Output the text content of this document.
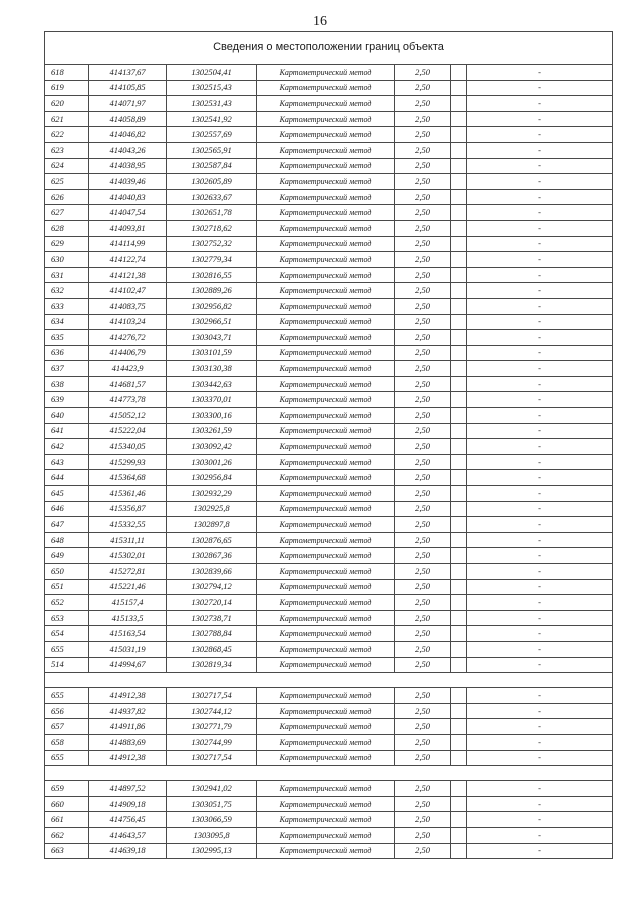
16
Сведения о местоположении границ объекта						
618	414137,67	1302504,41	Картометрический метод	2,50		-
619	414105,85	1302515,43	Картометрический метод	2,50		-
620	414071,97	1302531,43	Картометрический метод	2,50		-
621	414058,89	1302541,92	Картометрический метод	2,50		-
622	414046,82	1302557,69	Картометрический метод	2,50		-
623	414043,26	1302565,91	Картометрический метод	2,50		-
624	414038,95	1302587,84	Картометрический метод	2,50		-
625	414039,46	1302605,89	Картометрический метод	2,50		-
626	414040,83	1302633,67	Картометрический метод	2,50		-
627	414047,54	1302651,78	Картометрический метод	2,50		-
628	414093,81	1302718,62	Картометрический метод	2,50		-
629	414114,99	1302752,32	Картометрический метод	2,50		-
630	414122,74	1302779,34	Картометрический метод	2,50		-
631	414121,38	1302816,55	Картометрический метод	2,50		-
632	414102,47	1302889,26	Картометрический метод	2,50		-
633	414083,75	1302956,82	Картометрический метод	2,50		-
634	414103,24	1302966,51	Картометрический метод	2,50		-
635	414276,72	1303043,71	Картометрический метод	2,50		-
636	414406,79	1303101,59	Картометрический метод	2,50		-
637	414423,9	1303130,38	Картометрический метод	2,50		-
638	414681,57	1303442,63	Картометрический метод	2,50		-
639	414773,78	1303370,01	Картометрический метод	2,50		-
640	415052,12	1303300,16	Картометрический метод	2,50		-
641	415222,04	1303261,59	Картометрический метод	2,50		-
642	415340,05	1303092,42	Картометрический метод	2,50		-
643	415299,93	1303001,26	Картометрический метод	2,50		-
644	415364,68	1302956,84	Картометрический метод	2,50		-
645	415361,46	1302932,29	Картометрический метод	2,50		-
646	415356,87	1302925,8	Картометрический метод	2,50		-
647	415332,55	1302897,8	Картометрический метод	2,50		-
648	415311,11	1302876,65	Картометрический метод	2,50		-
649	415302,01	1302867,36	Картометрический метод	2,50		-
650	415272,81	1302839,66	Картометрический метод	2,50		-
651	415221,46	1302794,12	Картометрический метод	2,50		-
652	415157,4	1302720,14	Картометрический метод	2,50		-
653	415133,5	1302738,71	Картометрический метод	2,50		-
654	415163,54	1302788,84	Картометрический метод	2,50		-
655	415031,19	1302868,45	Картометрический метод	2,50		-
514	414994,67	1302819,34	Картометрический метод	2,50		-

655	414912,38	1302717,54	Картометрический метод	2,50		-
656	414937,82	1302744,12	Картометрический метод	2,50		-
657	414911,86	1302771,79	Картометрический метод	2,50		-
658	414883,69	1302744,99	Картометрический метод	2,50		-
655	414912,38	1302717,54	Картометрический метод	2,50		-

659	414897,52	1302941,02	Картометрический метод	2,50		-
660	414909,18	1303051,75	Картометрический метод	2,50		-
661	414756,45	1303066,59	Картометрический метод	2,50		-
662	414643,57	1303095,8	Картометрический метод	2,50		-
663	414639,18	1302995,13	Картометрический метод	2,50		-
